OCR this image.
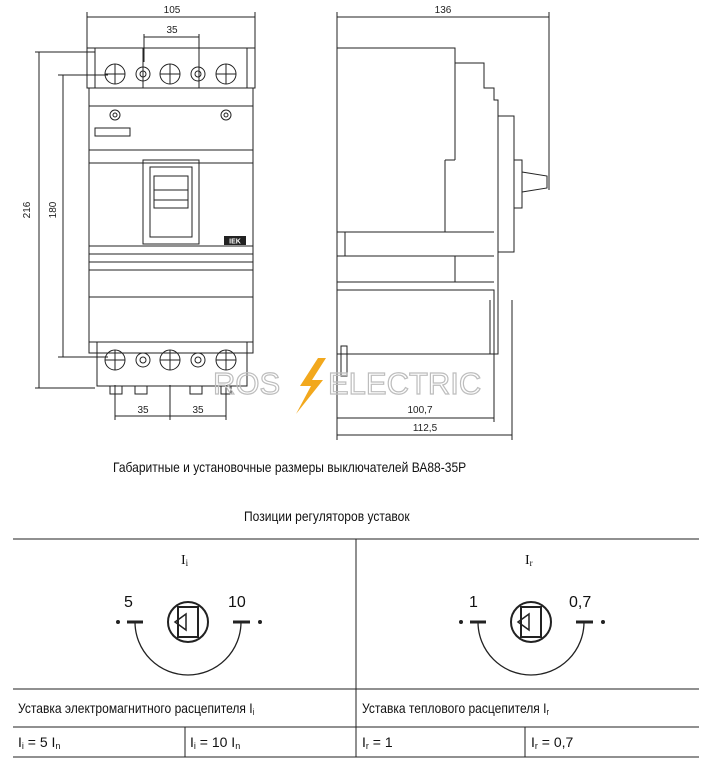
IEK
105
35
136
216 180
35	35	100,7
112,5
ROS ELECTRIC
Габаритные и установочные размеры выключателей ВА88-35Р
Позиции регуляторов уставок
$I_i$	$I_r$
5	10	1	0,7
Уставка электромагнитного расцепителя $I_i$	Уставка теплового расцепителя $I_r$
$I_i = 5$ $I_n$	$I_i = 10$ $I_n$	$I_r = 1$	$I_r = 0,7$
